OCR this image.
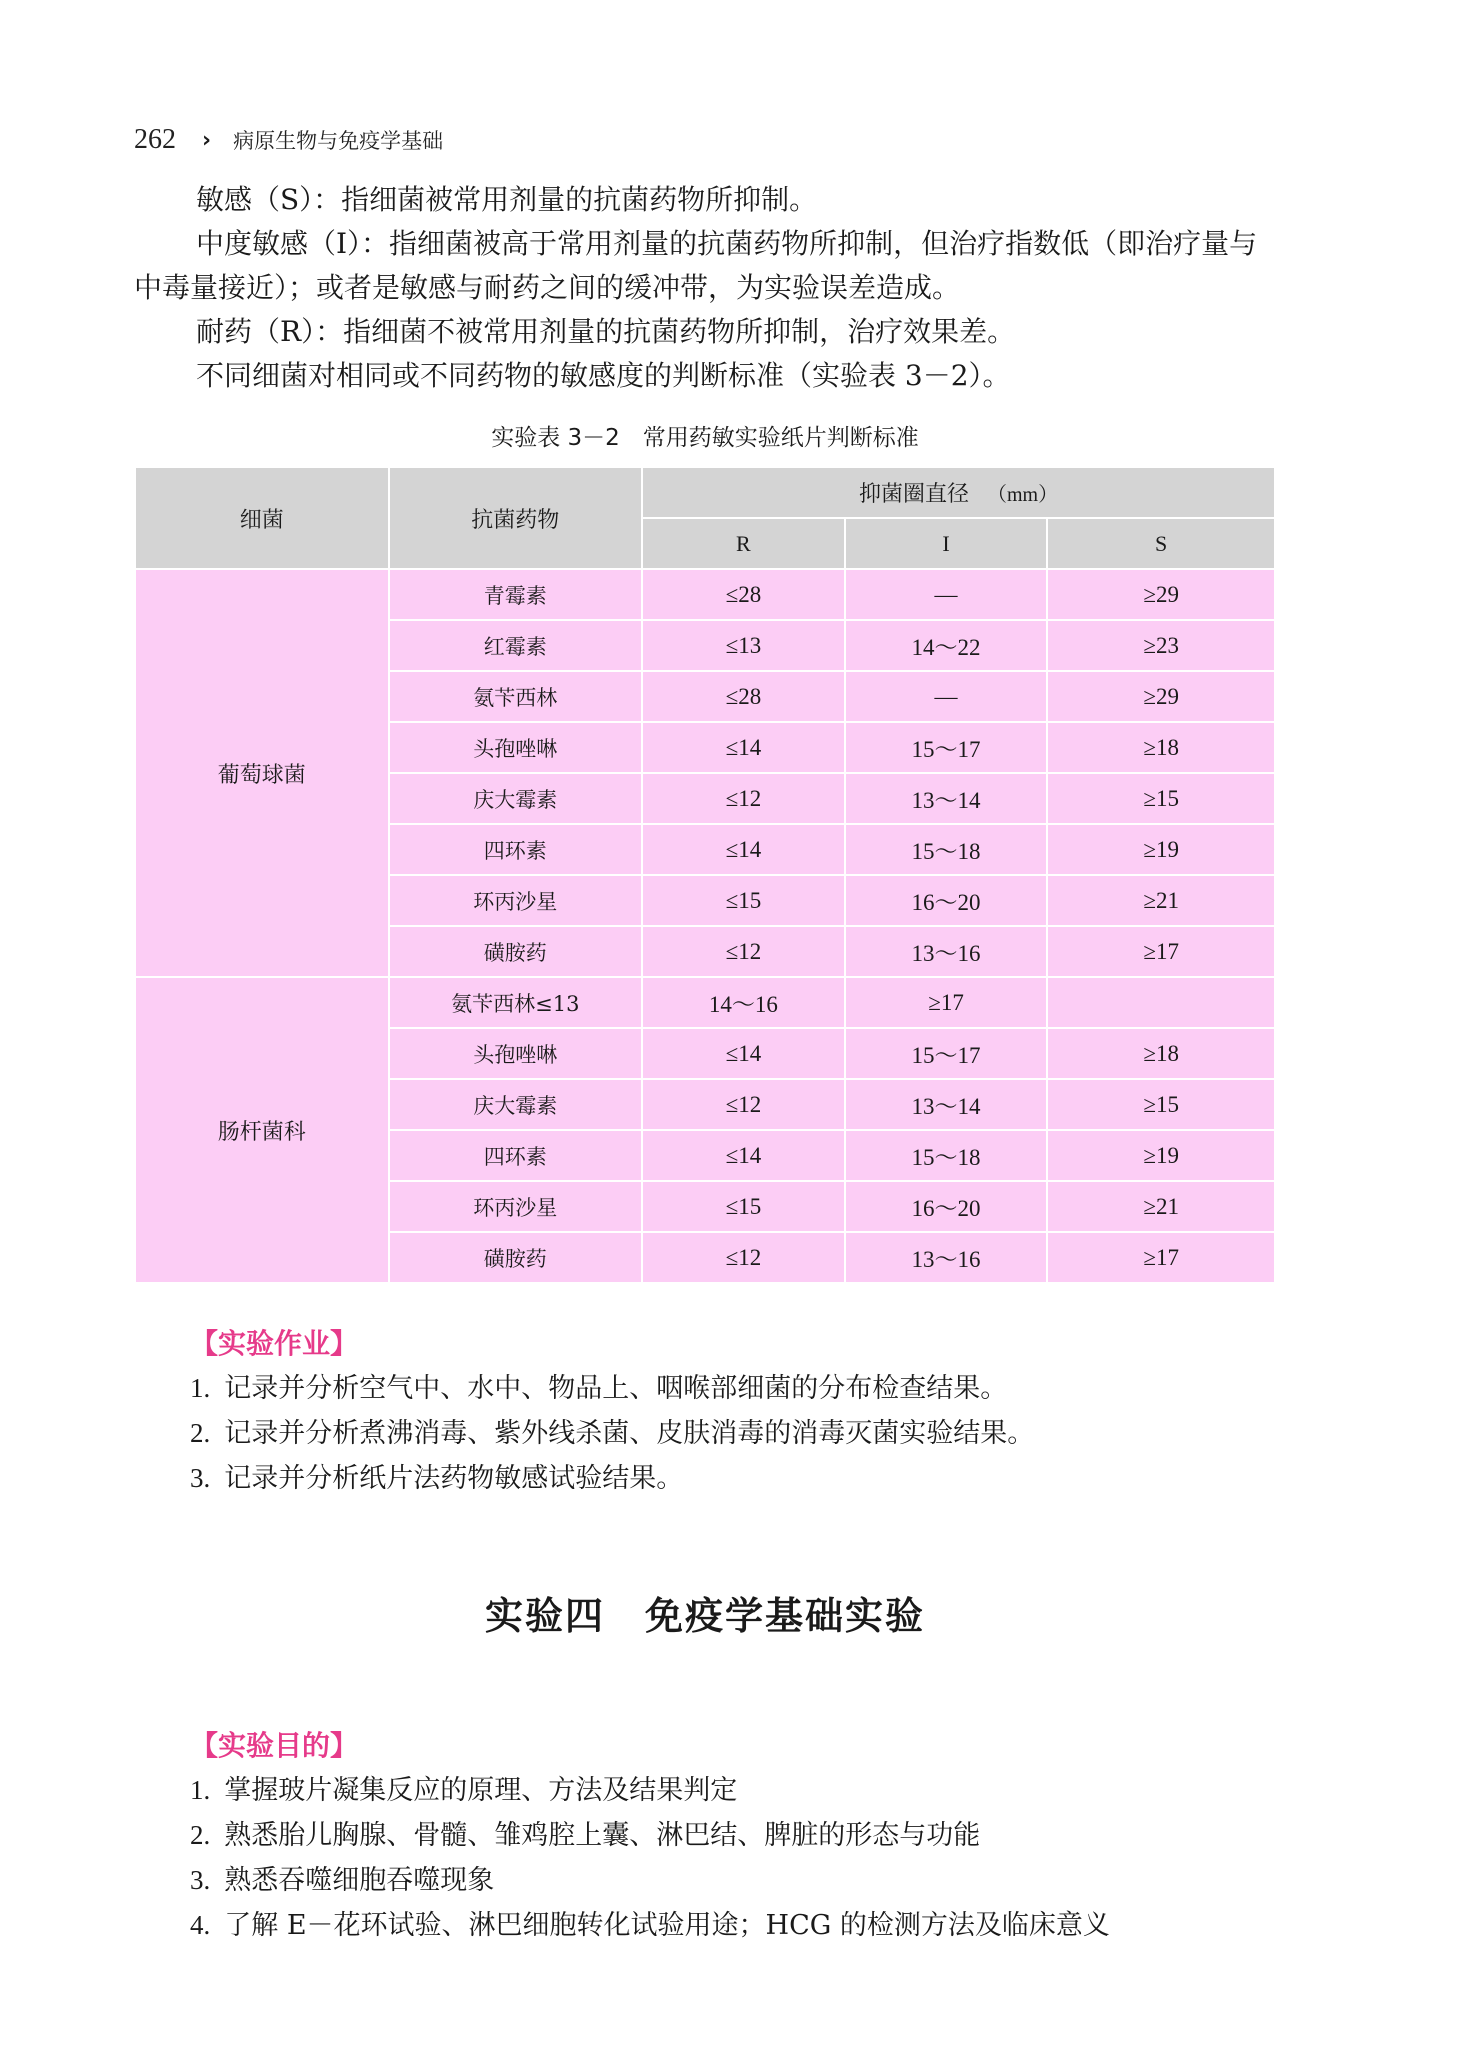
262 › 病原生物与免疫学基础

敏感（S）：指细菌被常用剂量的抗菌药物所抑制。

中度敏感（I）：指细菌被高于常用剂量的抗菌药物所抑制，但治疗指数低（即治疗量与中毒量接近）；或者是敏感与耐药之间的缓冲带，为实验误差造成。

耐药（R）：指细菌不被常用剂量的抗菌药物所抑制，治疗效果差。

不同细菌对相同或不同药物的敏感度的判断标准（实验表 3－2）。

实验表 3－2　常用药敏实验纸片判断标准
细菌	抗菌药物	抑菌圈直径 （mm）		
		R	I	S
葡萄球菌	青霉素	≤28	—	≥29
	红霉素	≤13	14～22	≥23
	氨苄西林	≤28	—	≥29
	头孢唑啉	≤14	15～17	≥18
	庆大霉素	≤12	13～14	≥15
	四环素	≤14	15～18	≥19
	环丙沙星	≤15	16～20	≥21
	磺胺药	≤12	13～16	≥17
肠杆菌科	氨苄西林≤13	14～16	≥17	
	头孢唑啉	≤14	15～17	≥18
	庆大霉素	≤12	13～14	≥15
	四环素	≤14	15～18	≥19
	环丙沙星	≤15	16～20	≥21
	磺胺药	≤12	13～16	≥17
【实验作业】
1. 记录并分析空气中、水中、物品上、咽喉部细菌的分布检查结果。
2. 记录并分析煮沸消毒、紫外线杀菌、皮肤消毒的消毒灭菌实验结果。
3. 记录并分析纸片法药物敏感试验结果。
实验四　免疫学基础实验
【实验目的】
1. 掌握玻片凝集反应的原理、方法及结果判定
2. 熟悉胎儿胸腺、骨髓、雏鸡腔上囊、淋巴结、脾脏的形态与功能
3. 熟悉吞噬细胞吞噬现象
4. 了解 E－花环试验、淋巴细胞转化试验用途；HCG 的检测方法及临床意义
